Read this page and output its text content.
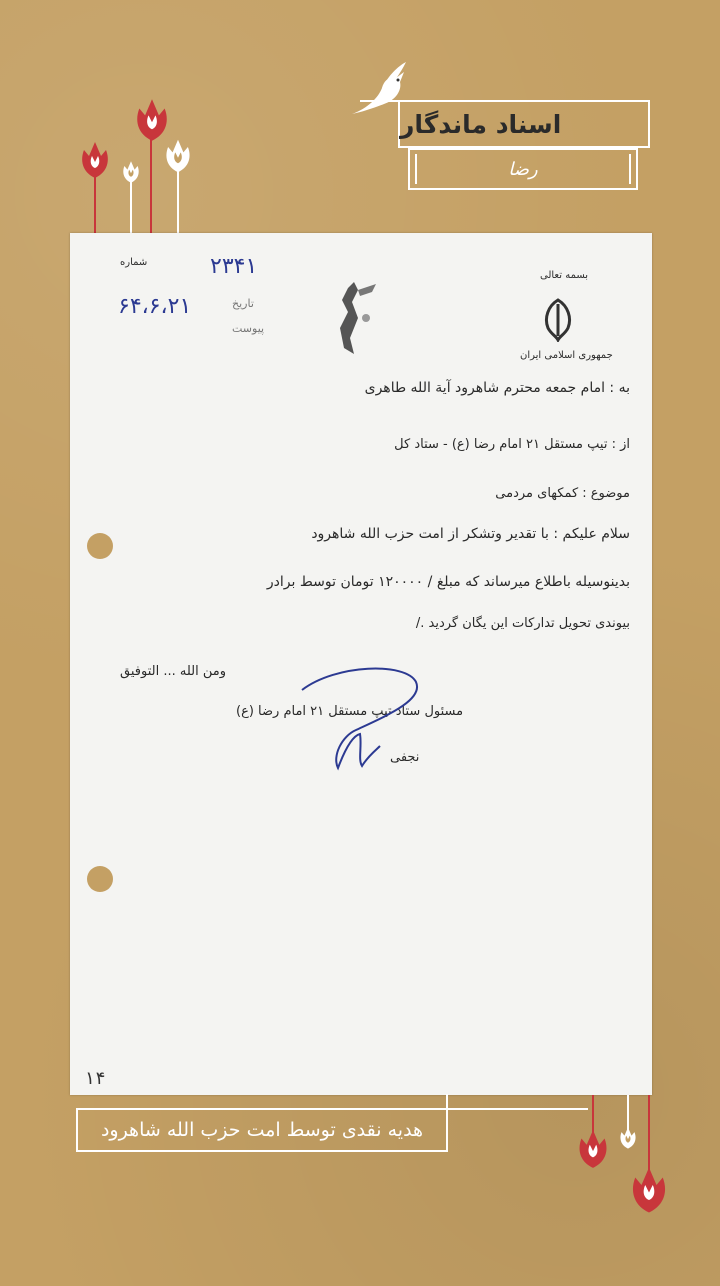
اسناد ماندگار
رضا
جمهوری اسلامی ایران
بسمه تعالی
شماره	۲۳۴۱
تاریخ
۶۴،۶،۲۱
پیوست
به : امام جمعه محترم شاهرود آیة الله طاهری
از : تیپ مستقل ۲۱ امام رضا (ع) - ستاد کل
موضوع : کمکهای مردمی
سلام علیکم : با تقدیر وتشکر از امت حزب الله شاهرود
بدینوسیله باطلاع میرساند که مبلغ / ۱۲۰۰۰۰ تومان توسط برادر
بیوندی تحویل تدارکات این یگان گردید ./
ومن الله ... التوفیق
مسئول ستاد تیپ مستقل ۲۱ امام رضا (ع)
نجفی
۱۴
هدیه نقدی توسط امت حزب الله شاهرود
